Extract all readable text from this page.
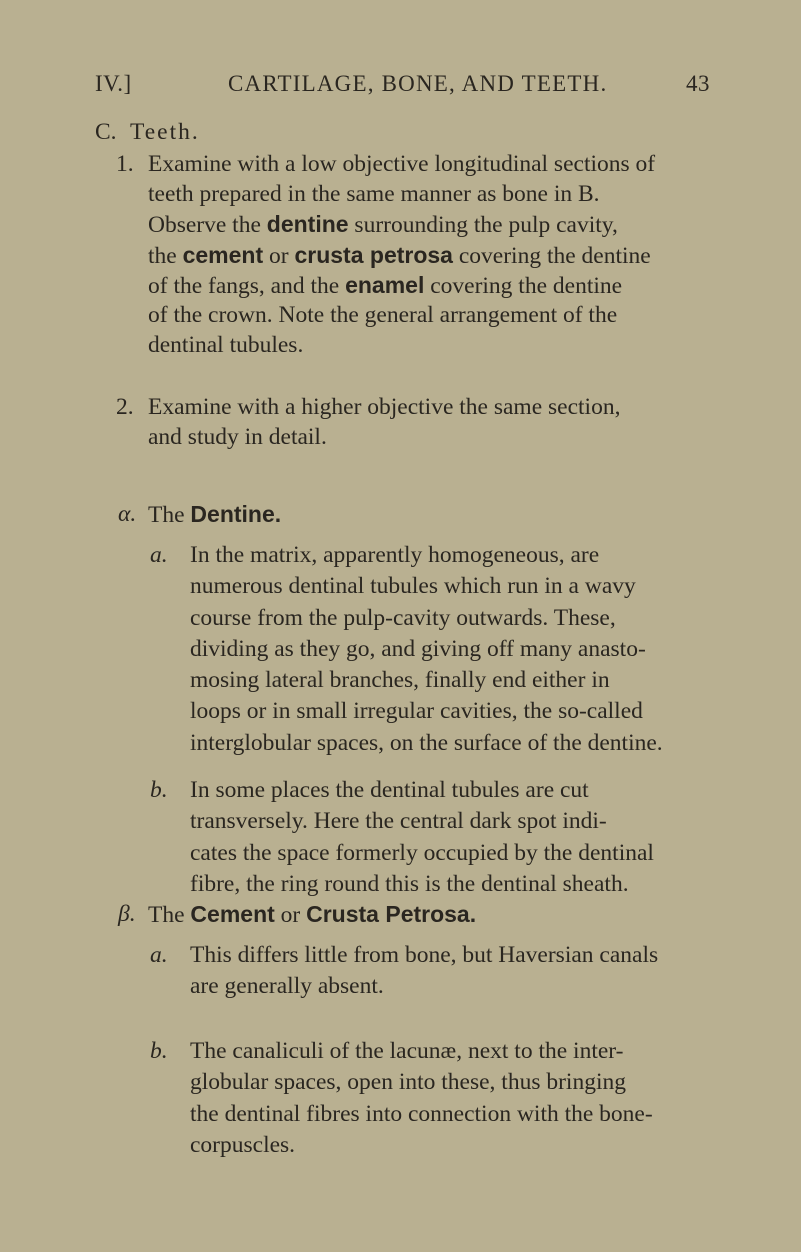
IV.]	CARTILAGE, BONE, AND TEETH.	43
C. Teeth.
1. Examine with a low objective longitudinal sections of
teeth prepared in the same manner as bone in B.
Observe the dentine surrounding the pulp cavity,
the cement or crusta petrosa covering the dentine
of the fangs, and the enamel covering the dentine
of the crown. Note the general arrangement of the
dentinal tubules.
2. Examine with a higher objective the same section,
and study in detail.
α. The Dentine.
a. In the matrix, apparently homogeneous, are
numerous dentinal tubules which run in a wavy
course from the pulp-cavity outwards. These,
dividing as they go, and giving off many anasto-
mosing lateral branches, finally end either in
loops or in small irregular cavities, the so-called
interglobular spaces, on the surface of the dentine.
b. In some places the dentinal tubules are cut
transversely. Here the central dark spot indi-
cates the space formerly occupied by the dentinal
fibre, the ring round this is the dentinal sheath.
β. The Cement or Crusta Petrosa.
a. This differs little from bone, but Haversian canals
are generally absent.
b. The canaliculi of the lacunæ, next to the inter-
globular spaces, open into these, thus bringing
the dentinal fibres into connection with the bone-
corpuscles.
